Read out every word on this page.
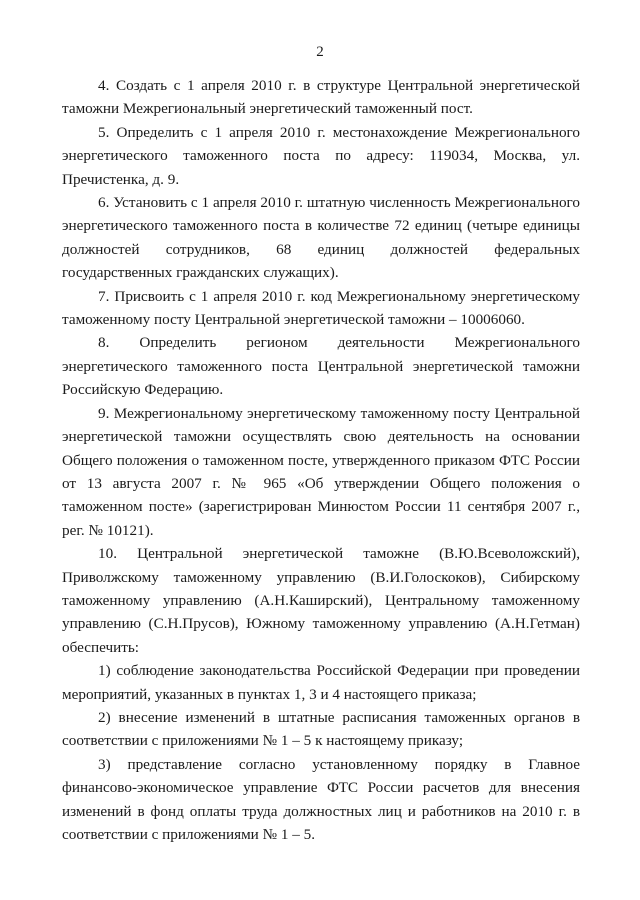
2

4. Создать с 1 апреля 2010 г. в структуре Центральной энергетической таможни Межрегиональный энергетический таможенный пост.

5. Определить с 1 апреля 2010 г. местонахождение Межрегионального энергетического таможенного поста по адресу: 119034, Москва, ул. Пречистенка, д. 9.

6. Установить с 1 апреля 2010 г. штатную численность Межрегионального энергетического таможенного поста в количестве 72 единиц (четыре единицы должностей сотрудников, 68 единиц должностей федеральных государственных гражданских служащих).

7. Присвоить с 1 апреля 2010 г. код Межрегиональному энергетическому таможенному посту Центральной энергетической таможни – 10006060.

8. Определить регионом деятельности Межрегионального энергетического таможенного поста Центральной энергетической таможни Российскую Федерацию.

9. Межрегиональному энергетическому таможенному посту Центральной энергетической таможни осуществлять свою деятельность на основании Общего положения о таможенном посте, утвержденного приказом ФТС России от 13 августа 2007 г. № 965 «Об утверждении Общего положения о таможенном посте» (зарегистрирован Минюстом России 11 сентября 2007 г., рег. № 10121).

10. Центральной энергетической таможне (В.Ю.Всеволожский), Приволжскому таможенному управлению (В.И.Голоскоков), Сибирскому таможенному управлению (А.Н.Каширский), Центральному таможенному управлению (С.Н.Прусов), Южному таможенному управлению (А.Н.Гетман) обеспечить:

1) соблюдение законодательства Российской Федерации при проведении мероприятий, указанных в пунктах 1, 3 и 4 настоящего приказа;

2) внесение изменений в штатные расписания таможенных органов в соответствии с приложениями № 1 – 5 к настоящему приказу;

3) представление согласно установленному порядку в Главное финансово-экономическое управление ФТС России расчетов для внесения изменений в фонд оплаты труда должностных лиц и работников на 2010 г. в соответствии с приложениями № 1 – 5.
